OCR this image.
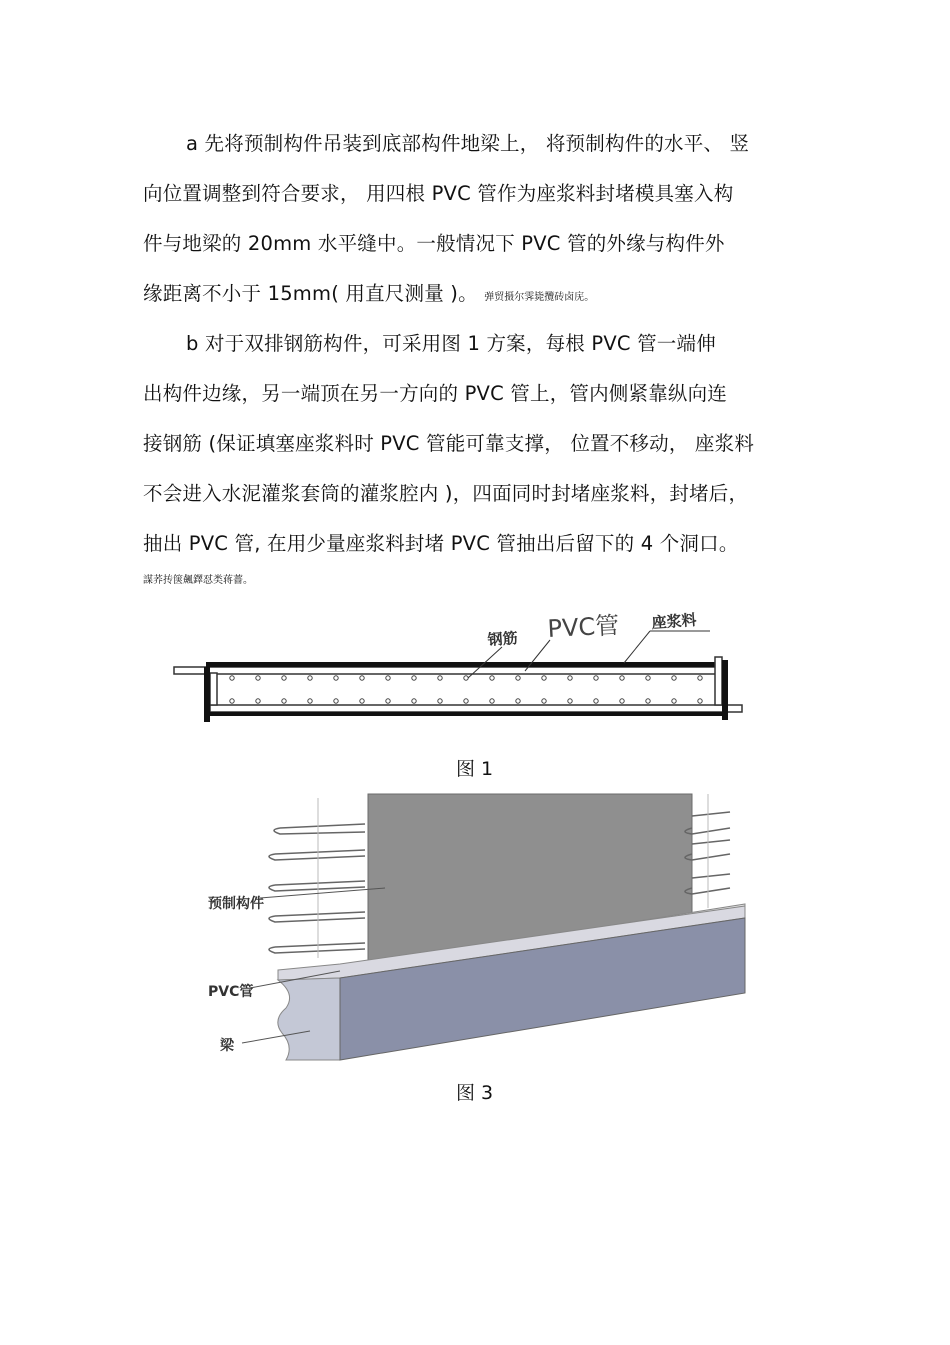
a 先将预制构件吊装到底部构件地梁上， 将预制构件的水平、 竖
向位置调整到符合要求， 用四根 PVC 管作为座浆料封堵模具塞入构
件与地梁的 20mm 水平缝中。一般情况下 PVC 管的外缘与构件外
缘距离不小于 15mm( 用直尺测量 )。 弹贸摄尔霁毙攬砖卤庑。
b 对于双排钢筋构件，可采用图 1 方案，每根 PVC 管一端伸
出构件边缘，另一端顶在另一方向的 PVC 管上，管内侧紧靠纵向连
接钢筋 (保证填塞座浆料时 PVC 管能可靠支撑， 位置不移动， 座浆料
不会进入水泥灌浆套筒的灌浆腔内 )，四面同时封堵座浆料，封堵后，
抽出 PVC 管, 在用少量座浆料封堵 PVC 管抽出后留下的 4 个洞口。
謀荞抟箧飆鐸怼类蒋薔。
钢筋 PVC管 座浆料
图 1
预制构件
PVC管
梁
图 3
